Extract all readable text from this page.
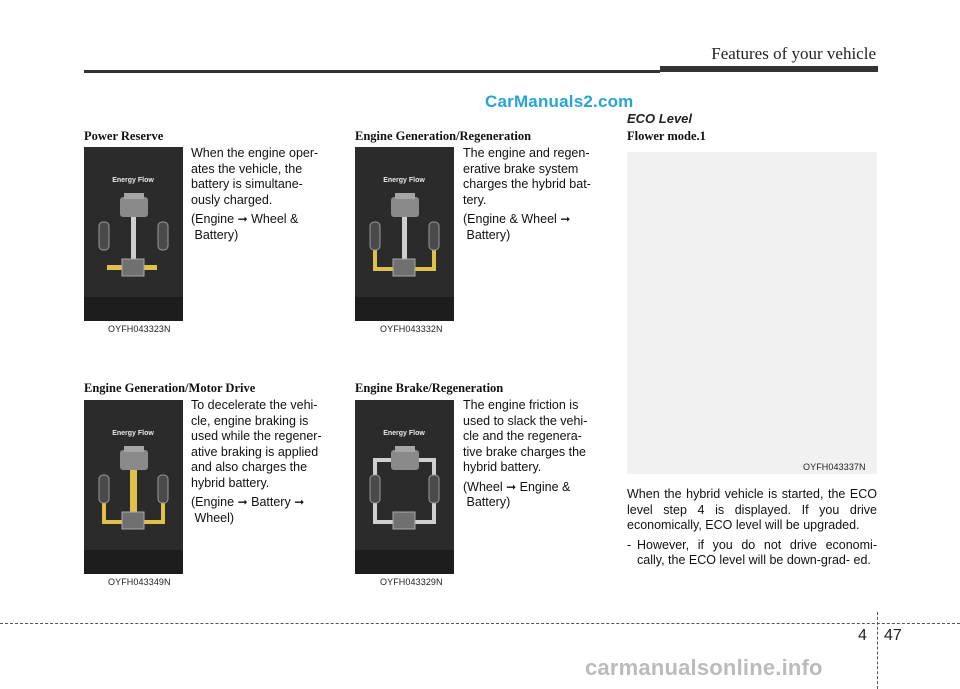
Features of your vehicle
CarManuals2.com
Power Reserve
Energy Flow

When the engine oper-
ates the vehicle, the
battery is simultane-
ously charged.

(Engine ➞ Wheel &
Battery)
OYFH043323N
Engine Generation/Regeneration
Energy Flow

The engine and regen-
erative brake system
charges the hybrid bat-
tery.

(Engine & Wheel ➞
Battery)
OYFH043332N
Engine Generation/Motor Drive
Energy Flow

To decelerate the vehi-
cle, engine braking is
used while the regener-
ative braking is applied
and also charges the
hybrid battery.

(Engine ➞ Battery ➞
Wheel)
OYFH043349N
Engine Brake/Regeneration
Energy Flow

The engine friction is
used to slack the vehi-
cle and the regenera-
tive brake charges the
hybrid battery.

(Wheel ➞ Engine &
Battery)
OYFH043329N
ECO Level
Flower mode.1
OYFH043337N

When the hybrid vehicle is started, the ECO level step 4 is displayed. If you drive economically, ECO level will be upgraded.

- However, if you do not drive economi- cally, the ECO level will be down-grad- ed.
4 47
carmanualsonline.info
